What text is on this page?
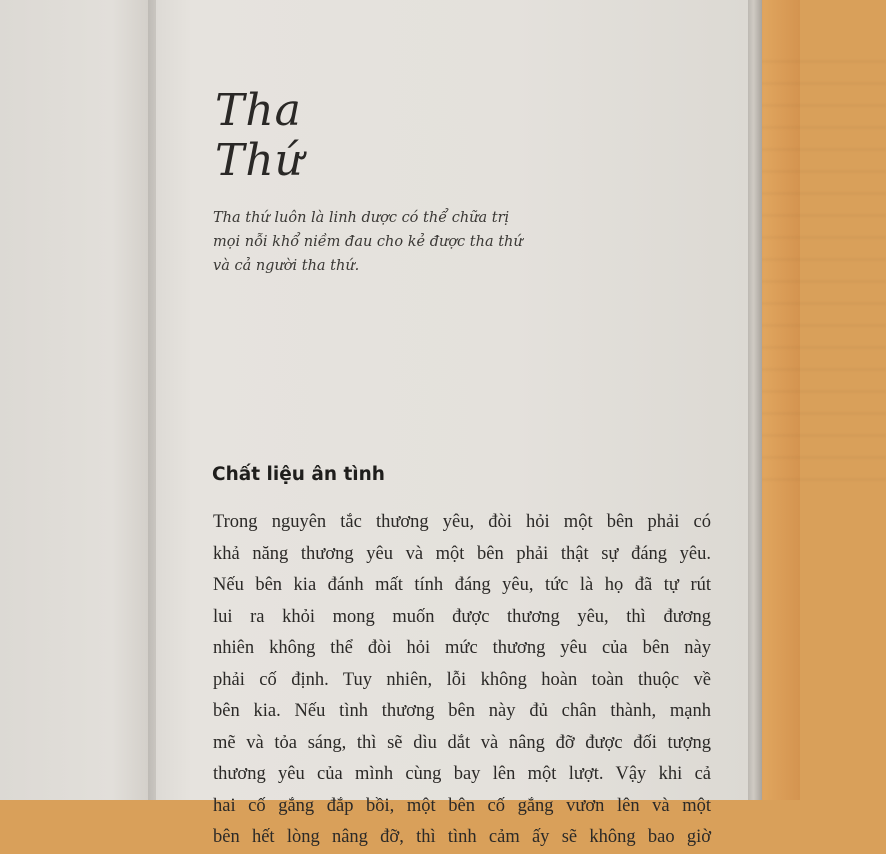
Tha
Thứ
Tha thứ luôn là linh dược có thể chữa trị
mọi nỗi khổ niềm đau cho kẻ được tha thứ
và cả người tha thứ.
Chất liệu ân tình
Trong nguyên tắc thương yêu, đòi hỏi một bên phải có
khả năng thương yêu và một bên phải thật sự đáng yêu.
Nếu bên kia đánh mất tính đáng yêu, tức là họ đã tự rút
lui ra khỏi mong muốn được thương yêu, thì đương
nhiên không thể đòi hỏi mức thương yêu của bên này
phải cố định. Tuy nhiên, lỗi không hoàn toàn thuộc về
bên kia. Nếu tình thương bên này đủ chân thành, mạnh
mẽ và tỏa sáng, thì sẽ dìu dắt và nâng đỡ được đối tượng
thương yêu của mình cùng bay lên một lượt. Vậy khi cả
hai cố gắng đắp bồi, một bên cố gắng vươn lên và một
bên hết lòng nâng đỡ, thì tình cảm ấy sẽ không bao giờ
